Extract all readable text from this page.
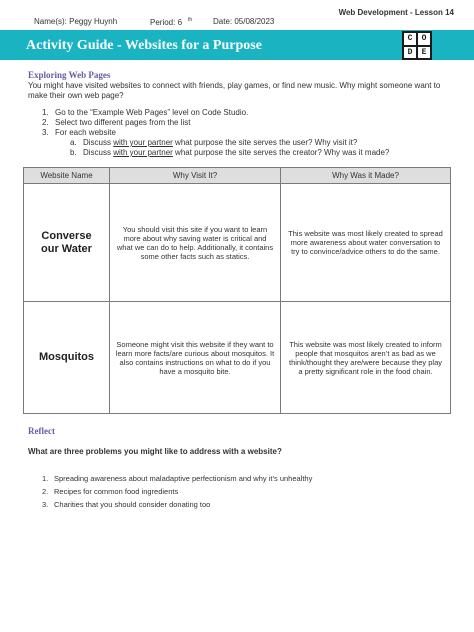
Web Development - Lesson 14
Name(s): Peggy Huynh	Period: 6 $^{th}$	Date: 05/08/2023
Activity Guide - Websites for a Purpose	C	O
D	E
Exploring Web Pages
You might have visited websites to connect with friends, play games, or find new music. Why might someone want to make their own web page?
1. Go to the “Example Web Pages” level on Code Studio.
2. Select two different pages from the list
3. For each website
a. Discuss with your partner what purpose the site serves the user? Why visit it?
b. Discuss with your partner what purpose the site serves the creator? Why was it made?
Website Name	Why Visit It?	Why Was it Made?
Converse our Water	You should visit this site if you want to learn more about why saving water is critical and what we can do to help. Additionally, it contains some other facts such as statics.	This website was most likely created to spread more awareness about water conversation to try to convince/advice others to do the same.
Mosquitos	Someone might visit this website if they want to learn more facts/are curious about mosquitos. It also contains instructions on what to do if you have a mosquito bite.	This website was most likely created to inform people that mosquitos aren’t as bad as we think/thought they are/were because they play a pretty significant role in the food chain.
Reflect
What are three problems you might like to address with a website?
1. Spreading awareness about maladaptive perfectionism and why it’s unhealthy
2. Recipes for common food ingredients
3. Charities that you should consider donating too
